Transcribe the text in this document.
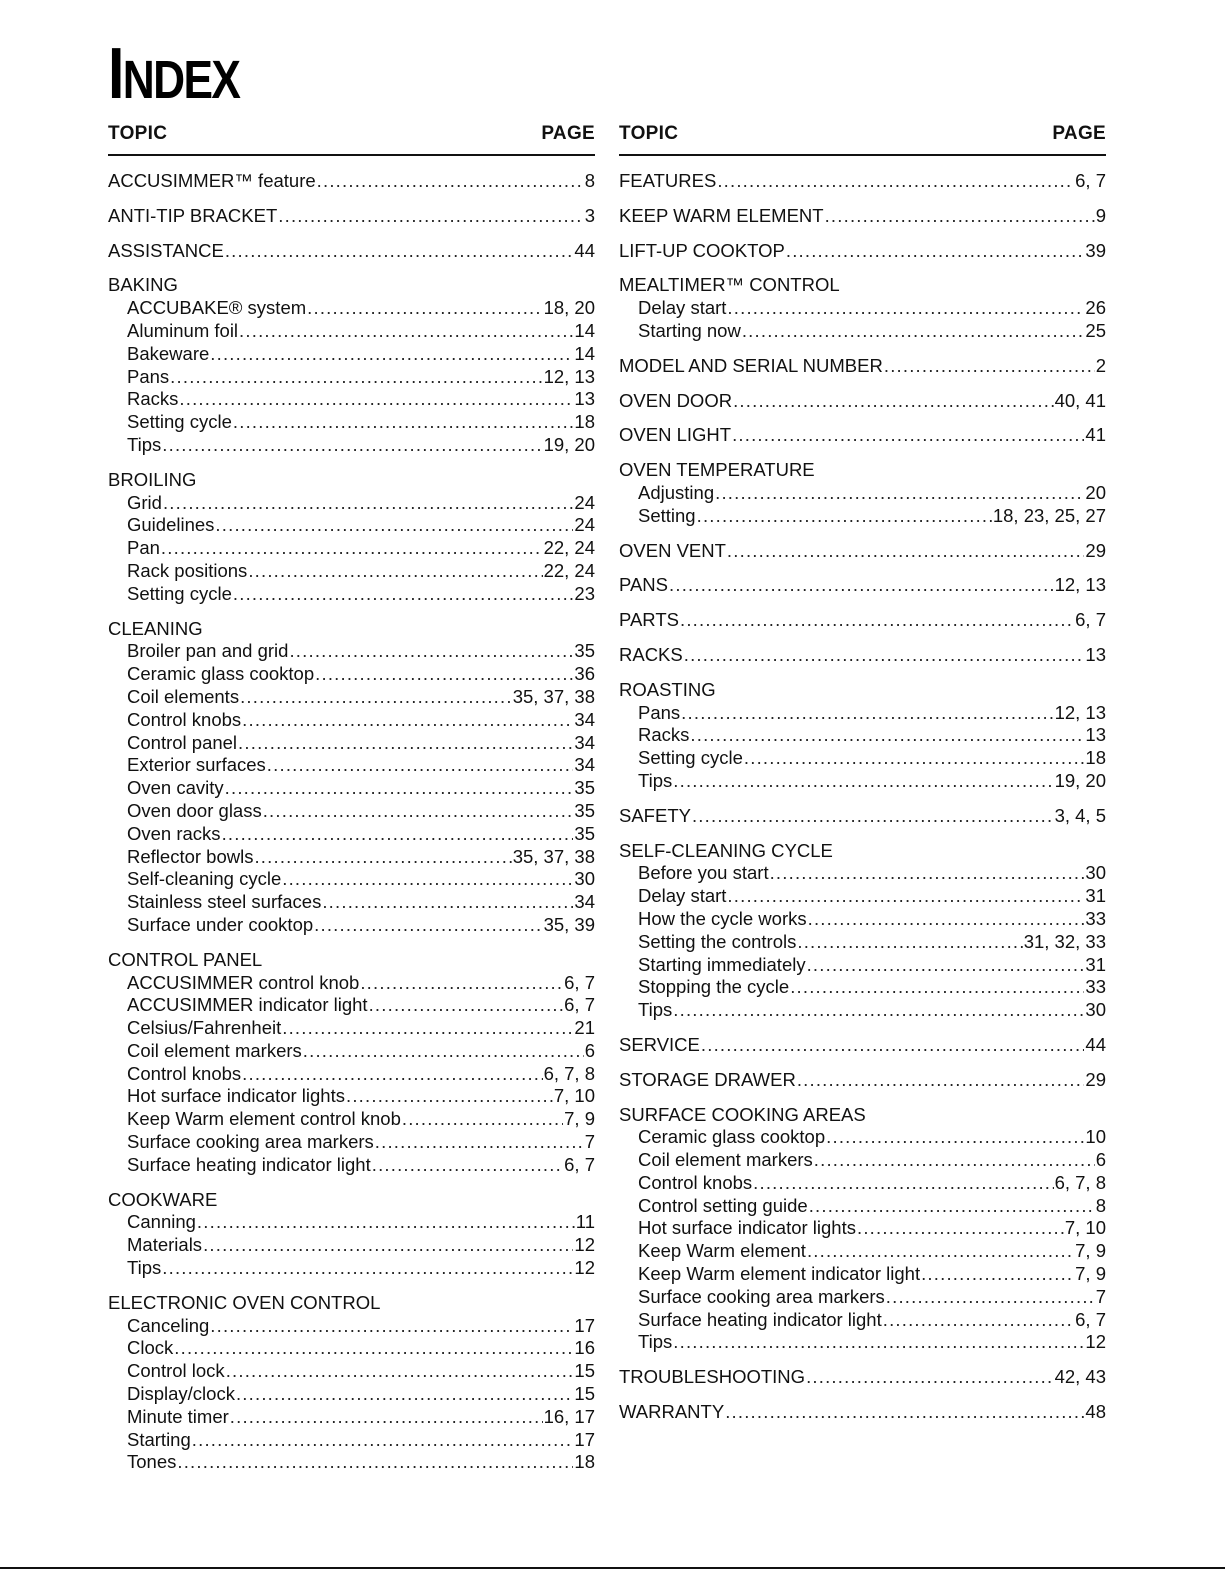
INDEX
TOPIC	PAGE
ACCUSIMMER™ feature .....	8
ANTI-TIP BRACKET .....	3
ASSISTANCE .....	44
BAKING
ACCUBAKE® system .....	18, 20
Aluminum foil .....	14
Bakeware .....	14
Pans .....	12, 13
Racks .....	13
Setting cycle .....	18
Tips .....	19, 20
BROILING
Grid .....	24
Guidelines .....	24
Pan .....	22, 24
Rack positions .....	22, 24
Setting cycle .....	23
CLEANING
Broiler pan and grid .....	35
Ceramic glass cooktop .....	36
Coil elements .....	35, 37, 38
Control knobs .....	34
Control panel .....	34
Exterior surfaces .....	34
Oven cavity .....	35
Oven door glass .....	35
Oven racks .....	35
Reflector bowls .....	35, 37, 38
Self-cleaning cycle .....	30
Stainless steel surfaces .....	34
Surface under cooktop .....	35, 39
CONTROL PANEL
ACCUSIMMER control knob .....	6, 7
ACCUSIMMER indicator light .....	6, 7
Celsius/Fahrenheit .....	21
Coil element markers .....	6
Control knobs .....	6, 7, 8
Hot surface indicator lights .....	7, 10
Keep Warm element control knob .....	7, 9
Surface cooking area markers .....	7
Surface heating indicator light .....	6, 7
COOKWARE
Canning .....	11
Materials .....	12
Tips .....	12
ELECTRONIC OVEN CONTROL
Canceling .....	17
Clock .....	16
Control lock .....	15
Display/clock .....	15
Minute timer .....	16, 17
Starting .....	17
Tones .....	18
TOPIC	PAGE
FEATURES .....	6, 7
KEEP WARM ELEMENT .....	9
LIFT-UP COOKTOP .....	39
MEALTIMER™ CONTROL
Delay start .....	26
Starting now .....	25
MODEL AND SERIAL NUMBER .....	2
OVEN DOOR .....	40, 41
OVEN LIGHT .....	41
OVEN TEMPERATURE
Adjusting .....	20
Setting .....	18, 23, 25, 27
OVEN VENT .....	29
PANS .....	12, 13
PARTS .....	6, 7
RACKS .....	13
ROASTING
Pans .....	12, 13
Racks .....	13
Setting cycle .....	18
Tips .....	19, 20
SAFETY .....	3, 4, 5
SELF-CLEANING CYCLE
Before you start .....	30
Delay start .....	31
How the cycle works .....	33
Setting the controls .....	31, 32, 33
Starting immediately .....	31
Stopping the cycle .....	33
Tips .....	30
SERVICE .....	44
STORAGE DRAWER .....	29
SURFACE COOKING AREAS
Ceramic glass cooktop .....	10
Coil element markers .....	6
Control knobs .....	6, 7, 8
Control setting guide .....	8
Hot surface indicator lights .....	7, 10
Keep Warm element .....	7, 9
Keep Warm element indicator light .....	7, 9
Surface cooking area markers .....	7
Surface heating indicator light .....	6, 7
Tips .....	12
TROUBLESHOOTING .....	42, 43
WARRANTY .....	48
